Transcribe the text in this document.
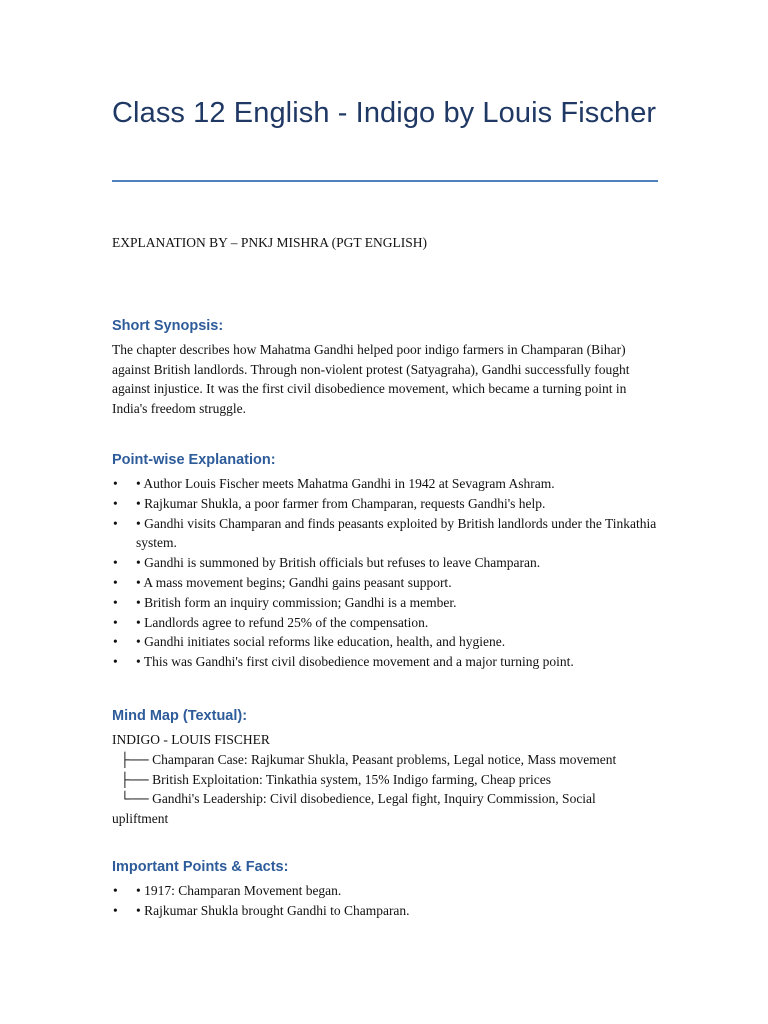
Class 12 English - Indigo by Louis Fischer

EXPLANATION BY – PNKJ MISHRA (PGT ENGLISH)

Short Synopsis:

The chapter describes how Mahatma Gandhi helped poor indigo farmers in Champaran (Bihar) against British landlords. Through non-violent protest (Satyagraha), Gandhi successfully fought against injustice. It was the first civil disobedience movement, which became a turning point in India's freedom struggle.

Point-wise Explanation:
• • Author Louis Fischer meets Mahatma Gandhi in 1942 at Sevagram Ashram.
• • Rajkumar Shukla, a poor farmer from Champaran, requests Gandhi's help.
• • Gandhi visits Champaran and finds peasants exploited by British landlords under the Tinkathia system.
• • Gandhi is summoned by British officials but refuses to leave Champaran.
• • A mass movement begins; Gandhi gains peasant support.
• • British form an inquiry commission; Gandhi is a member.
• • Landlords agree to refund 25% of the compensation.
• • Gandhi initiates social reforms like education, health, and hygiene.
• • This was Gandhi's first civil disobedience movement and a major turning point.
Mind Map (Textual):

INDIGO - LOUIS FISCHER

├── Champaran Case: Rajkumar Shukla, Peasant problems, Legal notice, Mass movement

├── British Exploitation: Tinkathia system, 15% Indigo farming, Cheap prices

└── Gandhi's Leadership: Civil disobedience, Legal fight, Inquiry Commission, Social

upliftment

Important Points & Facts:
• • 1917: Champaran Movement began.
• • Rajkumar Shukla brought Gandhi to Champaran.
